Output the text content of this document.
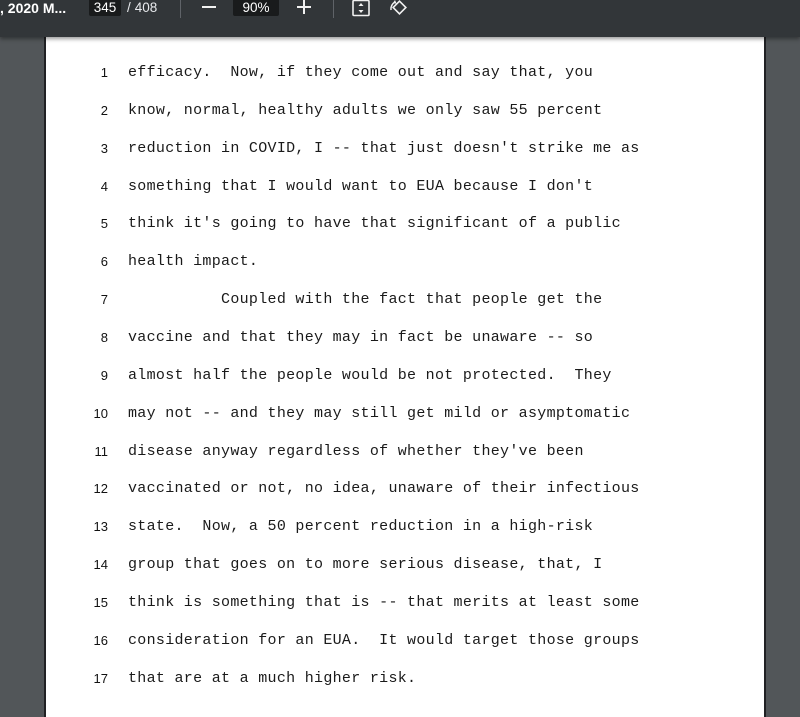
, 2020 M...	345 / 408	90%
1 efficacy.  Now, if they come out and say that, you
2 know, normal, healthy adults we only saw 55 percent
3 reduction in COVID, I -- that just doesn't strike me as
4 something that I would want to EUA because I don't
5 think it's going to have that significant of a public
6 health impact.
7 Coupled with the fact that people get the
8 vaccine and that they may in fact be unaware -- so
9 almost half the people would be not protected.  They
10 may not -- and they may still get mild or asymptomatic
11 disease anyway regardless of whether they've been
12 vaccinated or not, no idea, unaware of their infectious
13 state.  Now, a 50 percent reduction in a high-risk
14 group that goes on to more serious disease, that, I
15 think is something that is -- that merits at least some
16 consideration for an EUA.  It would target those groups
17 that are at a much higher risk.
